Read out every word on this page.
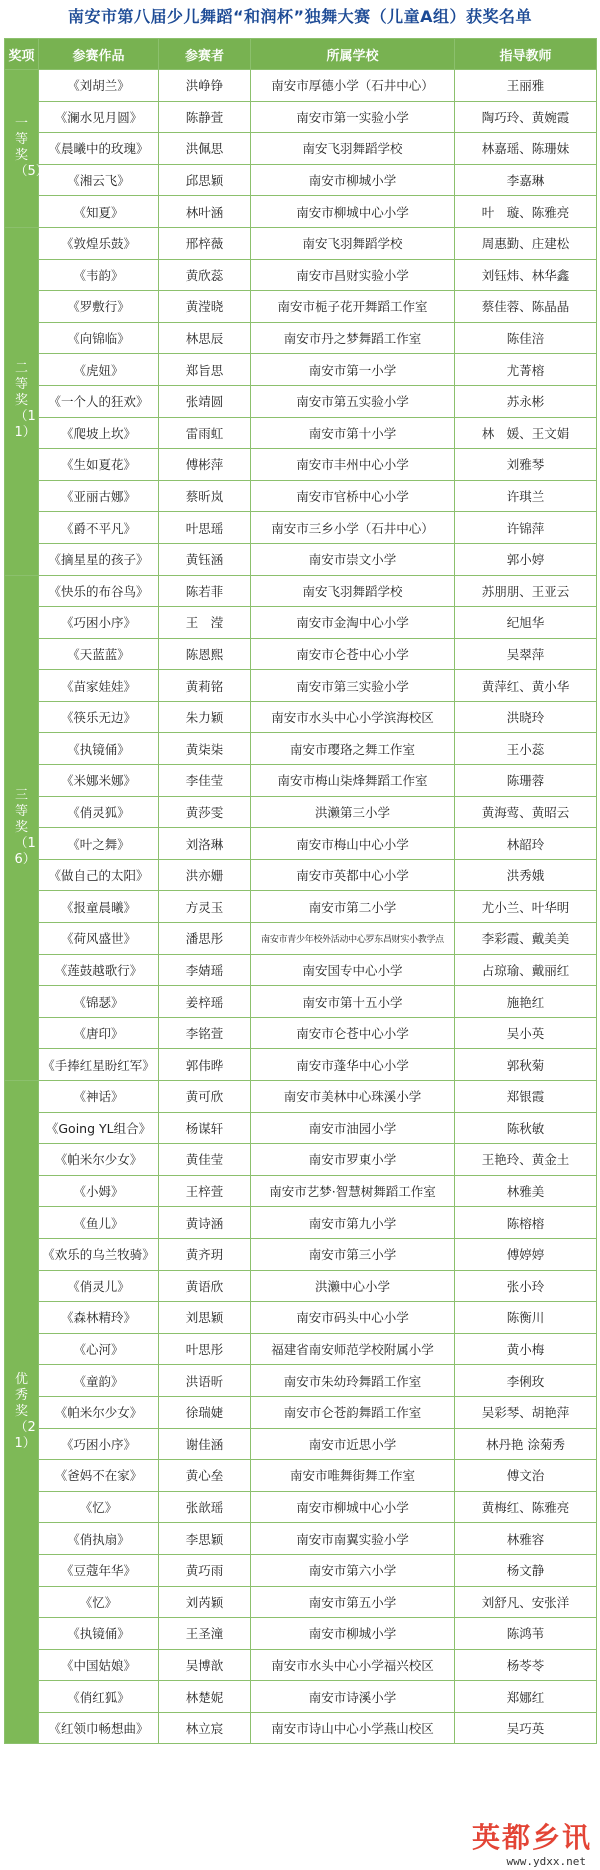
南安市第八届少儿舞蹈“和润杯”独舞大赛（儿童A组）获奖名单
奖项	参赛作品	参赛者	所属学校	指导教师
一等奖（5）	《刘胡兰》	洪峥铮	南安市厚德小学（石井中心）	王丽雅
	《澜水见月圆》	陈静萱	南安市第一实验小学	陶巧玲、黄婉霞
	《晨曦中的玫瑰》	洪佩思	南安飞羽舞蹈学校	林嘉瑶、陈珊妹
	《湘云飞》	邱思颖	南安市柳城小学	李嘉琳
	《知夏》	林叶涵	南安市柳城中心小学	叶　璇、陈雅亮
二等奖（11）	《敦煌乐鼓》	邢梓薇	南安飞羽舞蹈学校	周惠勤、庄建松
	《韦韵》	黄欣蕊	南安市昌财实验小学	刘钰炜、林华鑫
	《罗敷行》	黄滢晓	南安市栀子花开舞蹈工作室	蔡佳蓉、陈晶晶
	《向锦临》	林思辰	南安市丹之梦舞蹈工作室	陈佳涪
	《虎妞》	郑旨思	南安市第一小学	尤菁榕
	《一个人的狂欢》	张靖圆	南安市第五实验小学	苏永彬
	《爬坡上坎》	雷雨虹	南安市第十小学	林　媛、王文娟
	《生如夏花》	傅彬萍	南安市丰州中心小学	刘雅琴
	《亚丽古娜》	蔡昕岚	南安市官桥中心小学	许琪兰
	《爵不平凡》	叶思瑶	南安市三乡小学（石井中心）	许锦萍
	《摘星星的孩子》	黄钰涵	南安市崇文小学	郭小婷
三等奖（16）	《快乐的布谷鸟》	陈若菲	南安飞羽舞蹈学校	苏朋朋、王亚云
	《巧困小序》	王　滢	南安市金淘中心小学	纪旭华
	《天蓝蓝》	陈恩熙	南安市仑苍中心小学	吴翠萍
	《苗家娃娃》	黄莉铭	南安市第三实验小学	黄萍红、黄小华
	《筷乐无边》	朱力颖	南安市水头中心小学滨海校区	洪晓玲
	《执镜俑》	黄柒柒	南安市璎珞之舞工作室	王小蕊
	《米娜米娜》	李佳莹	南安市梅山柒烽舞蹈工作室	陈珊蓉
	《俏灵狐》	黄莎雯	洪濑第三小学	黄海莺、黄昭云
	《叶之舞》	刘洛琳	南安市梅山中心小学	林韶玲
	《做自己的太阳》	洪亦姗	南安市英都中心小学	洪秀娥
	《报童晨曦》	方灵玉	南安市第二小学	尤小兰、叶华明
	《荷风盛世》	潘思彤	南安市青少年校外活动中心罗东昌财实小教学点	李彩霞、戴美美
	《莲鼓越歌行》	李婧瑶	南安国专中心小学	占琼瑜、戴丽红
	《锦瑟》	姜梓瑶	南安市第十五小学	施艳红
	《唐印》	李铭萱	南安市仑苍中心小学	吴小英
	《手捧红星盼红军》	郭伟晔	南安市蓬华中心小学	郭秋菊
优秀奖（21）	《神话》	黄可欣	南安市美林中心珠溪小学	郑银霞
	《Going YL组合》	杨谋轩	南安市油园小学	陈秋敏
	《帕米尔少女》	黄佳莹	南安市罗東小学	王艳玲、黄金土
	《小姆》	王梓萱	南安市艺梦·智慧树舞蹈工作室	林雅美
	《鱼儿》	黄诗涵	南安市第九小学	陈榕榕
	《欢乐的乌兰牧骑》	黄齐玥	南安市第三小学	傅婷婷
	《俏灵儿》	黄语欣	洪濑中心小学	张小玲
	《森林精玲》	刘思颖	南安市码头中心小学	陈衡川
	《心河》	叶思彤	福建省南安师范学校附属小学	黄小梅
	《童韵》	洪语昕	南安市朱幼玲舞蹈工作室	李俐玫
	《帕米尔少女》	徐瑞婕	南安市仑苍韵舞蹈工作室	吴彩琴、胡艳萍
	《巧困小序》	谢佳涵	南安市近思小学	林丹艳 涂菊秀
	《爸妈不在家》	黄心垒	南安市唯舞街舞工作室	傅文治
	《忆》	张歆瑶	南安市柳城中心小学	黄梅红、陈雅亮
	《俏执扇》	李思颖	南安市南翼实验小学	林雅容
	《豆蔻年华》	黄巧雨	南安市第六小学	杨文静
	《忆》	刘芮颖	南安市第五小学	刘舒凡、安张洋
	《执镜俑》	王圣潼	南安市柳城小学	陈鸿苇
	《中国姑娘》	吴博歆	南安市水头中心小学福兴校区	杨苓苓
	《俏红狐》	林楚妮	南安市诗溪小学	郑娜红
	《红领巾畅想曲》	林立宸	南安市诗山中心小学燕山校区	吴巧英
英都乡讯
www.ydxx.net
